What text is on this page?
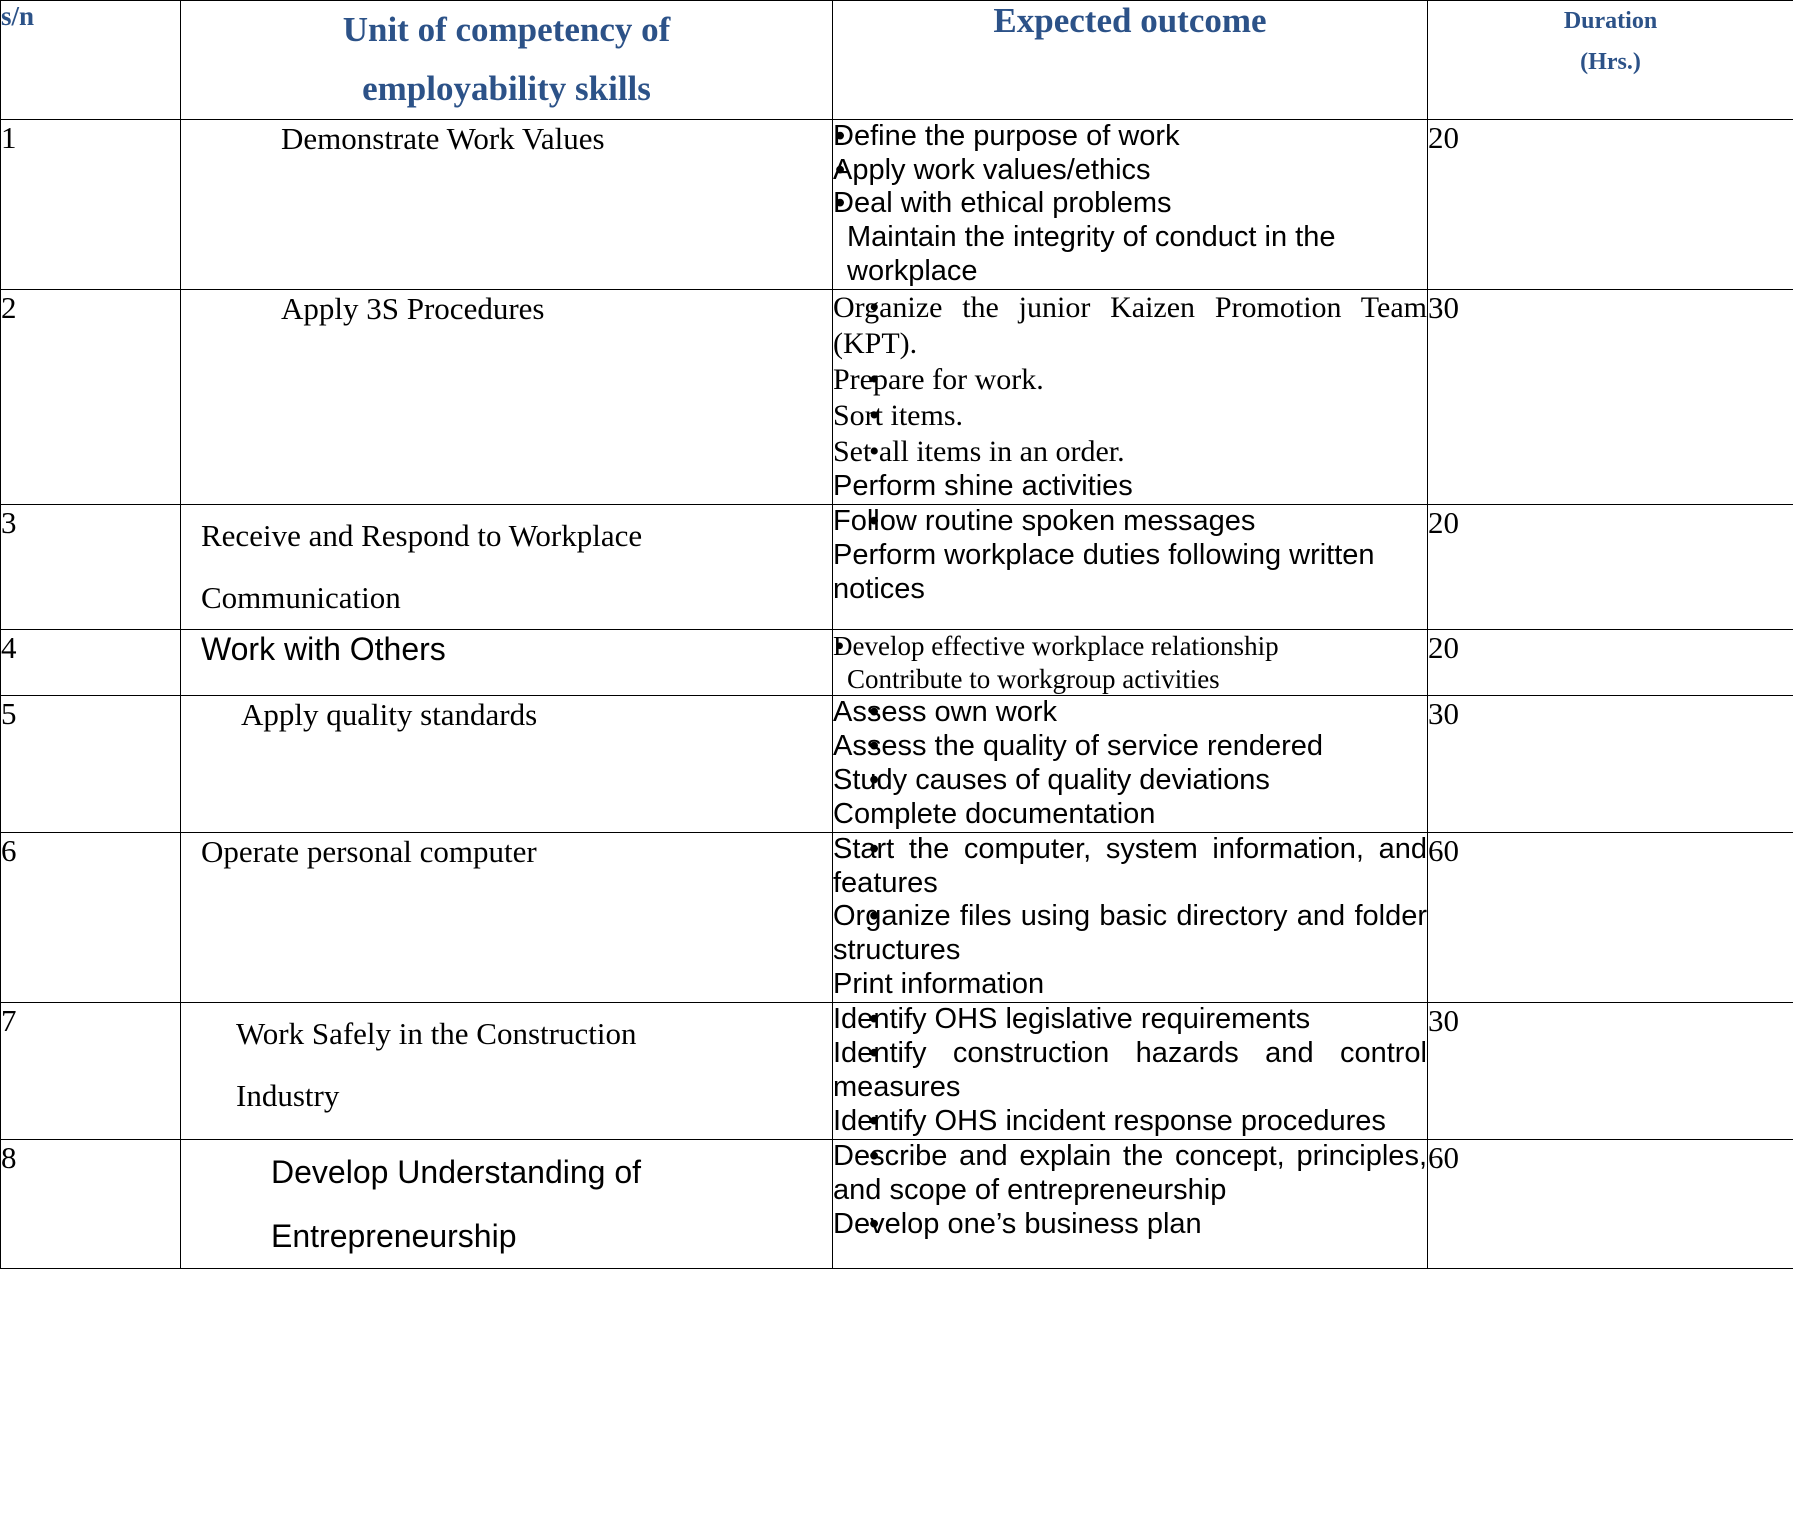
s/n	Unit of competency of
employability skills
	Expected outcome	Duration
(Hrs.)

1	Demonstrate Work Values

•Define the purpose of work
• Apply work values/ethics
• Deal with ethical problems
Maintain the integrity of conduct in the workplace
	20
2	Apply 3S Procedures

•Organize the junior Kaizen Promotion Team (KPT).
• Prepare for work.
• Sort items.
• Set all items in an order.
Perform shine activities
	30
3	Receive and Respond to Workplace
Communication

• Follow routine spoken messages
Perform workplace duties following written notices
	20
4	Work with Others

•Develop effective workplace relationship
Contribute to workgroup activities
	20
5	Apply quality standards

•Assess own work
• Assess the quality of service rendered
• Study causes of quality deviations
Complete documentation
	30
6	Operate personal computer

•Start the computer, system information, and features
• Organize files using basic directory and folder structures
Print information
	60
7	Work Safely in the Construction
Industry

• Identify OHS legislative requirements
• Identify construction hazards and control measures
• Identify OHS incident response procedures
	30
8	Develop Understanding of
Entrepreneurship

• Describe and explain the concept, principles, and scope of entrepreneurship
• Develop one’s business plan
	60
